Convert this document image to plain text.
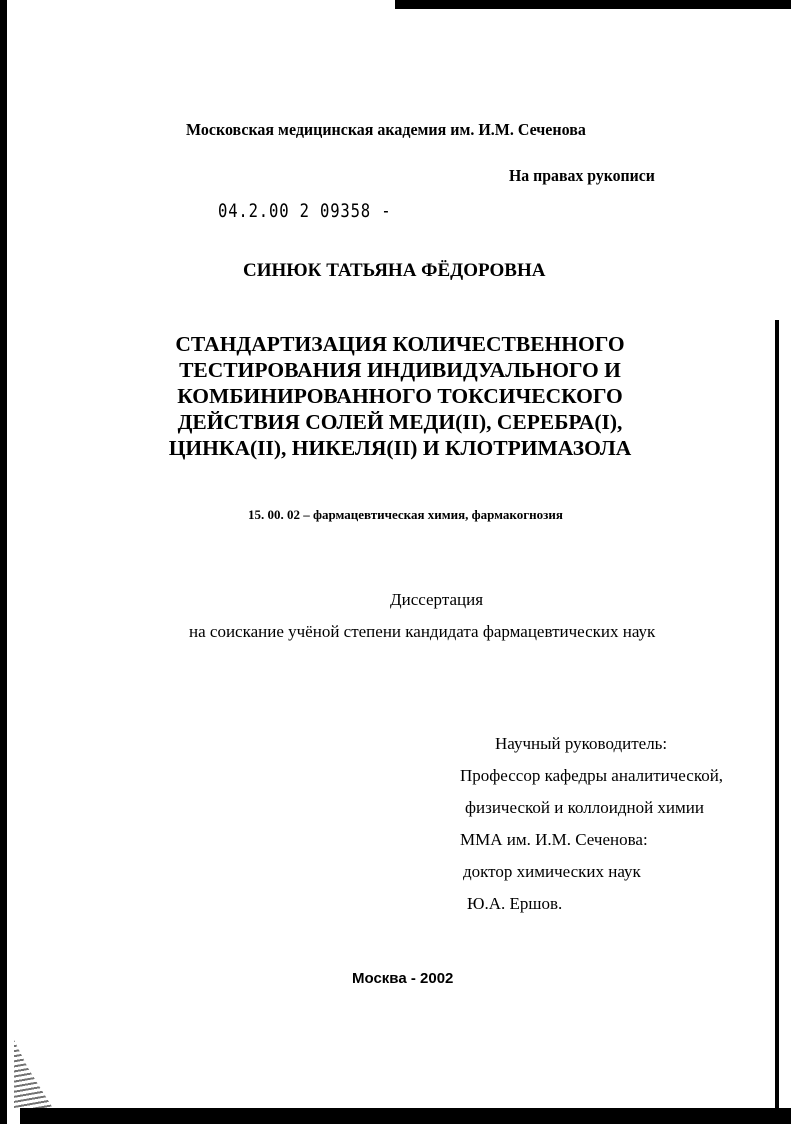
Московская медицинская академия им. И.М. Сеченова
На правах рукописи
04.2.00 2 09358 -
СИНЮК ТАТЬЯНА ФЁДОРОВНА
СТАНДАРТИЗАЦИЯ КОЛИЧЕСТВЕННОГО
ТЕСТИРОВАНИЯ ИНДИВИДУАЛЬНОГО И
КОМБИНИРОВАННОГО ТОКСИЧЕСКОГО
ДЕЙСТВИЯ СОЛЕЙ МЕДИ(II), СЕРЕБРА(I),
ЦИНКА(II), НИКЕЛЯ(II) И КЛОТРИМАЗОЛА
15. 00. 02 – фармацевтическая химия, фармакогнозия
Диссертация
на соискание учёной степени кандидата фармацевтических наук
Научный руководитель:
Профессор кафедры аналитической,
физической и коллоидной химии
ММА им. И.М. Сеченова:
доктор химических наук
Ю.А. Ершов.
Москва - 2002
